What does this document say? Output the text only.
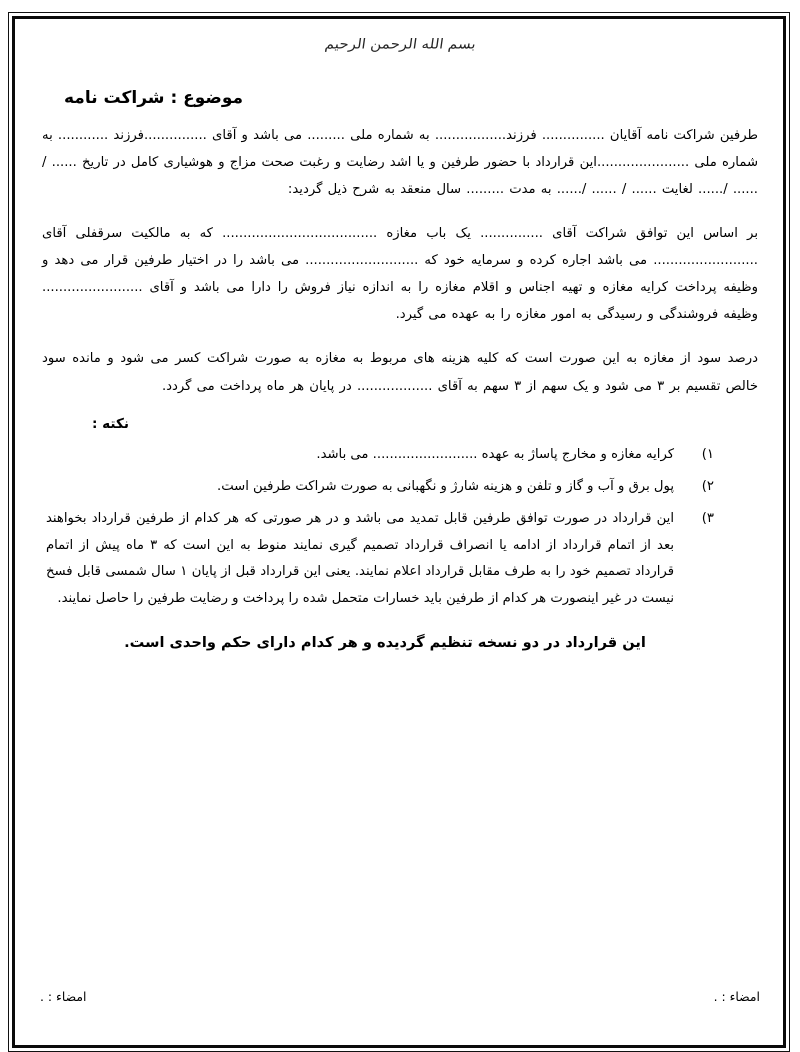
بسم الله الرحمن الرحیم
موضوع : شراکت نامه

طرفین شراکت نامه آقایان ............... فرزند................. به شماره ملی ......... می باشد و آقای ...............فرزند ............ به شماره ملی ......................این قرارداد با حضور طرفین و یا اشد رضایت و رغبت صحت مزاج و هوشیاری کامل در تاریخ ...... / ...... /...... لغایت ...... / ...... /...... به مدت ......... سال منعقد به شرح ذیل گردید:

بر اساس این توافق شراکت آقای ............... یک باب مغازه ..................................... که به مالکیت سرقفلی آقای ......................... می باشد اجاره کرده و سرمایه خود که ........................... می باشد را در اختیار طرفین قرار می دهد و وظیفه پرداخت کرایه مغازه و تهیه اجناس و اقلام مغازه را به اندازه نیاز فروش را دارا می باشد و آقای ........................ وظیفه فروشندگی و رسیدگی به امور مغازه را به عهده می گیرد.

درصد سود از مغازه به این صورت است که کلیه هزینه های مربوط به مغازه به صورت شراکت کسر می شود و مانده سود خالص تقسیم بر ۳ می شود و یک سهم از ۳ سهم به آقای .................. در پایان هر ماه پرداخت می گردد.

نکته :
۱)
کرایه مغازه و مخارج پاساژ به عهده ......................... می باشد.
۲)
پول برق و آب و گاز و تلفن و هزینه شارژ و نگهبانی به صورت شراکت طرفین است.
۳)
این قرارداد در صورت توافق طرفین قابل تمدید می باشد و در هر صورتی که هر کدام از طرفین قرارداد بخواهند بعد از اتمام قرارداد از ادامه یا انصراف قرارداد تصمیم گیری نمایند منوط به این است که ۳ ماه پیش از اتمام قرارداد تصمیم خود را به طرف مقابل قرارداد اعلام نمایند. یعنی این قرارداد قبل از پایان ۱ سال شمسی قابل فسخ نیست در غیر اینصورت هر کدام از طرفین باید خسارات متحمل شده را پرداخت و رضایت طرفین را حاصل نمایند.
این قرارداد در دو نسخه تنظیم گردیده و هر کدام دارای حکم واحدی است.
امضاء : .	امضاء : .
